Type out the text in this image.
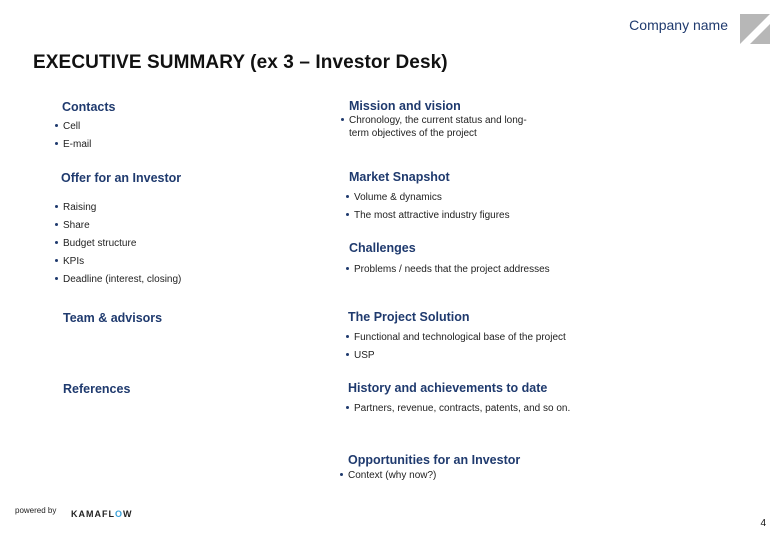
Company name
EXECUTIVE SUMMARY (ex 3 – Investor Desk)
Contacts
Cell
E-mail
Offer for an Investor
Raising
Share
Budget structure
KPIs
Deadline (interest, closing)
Team & advisors
References
Mission and vision
Chronology, the current status and long-term objectives of the project
Market Snapshot
Volume & dynamics
The most attractive industry figures
Challenges
Problems / needs that the project addresses
The Project Solution
Functional and technological base of the project
USP
History and achievements to date
Partners, revenue, contracts, patents, and so on.
Opportunities for an Investor
Context (why now?)
powered by KAMAFLOW
4
